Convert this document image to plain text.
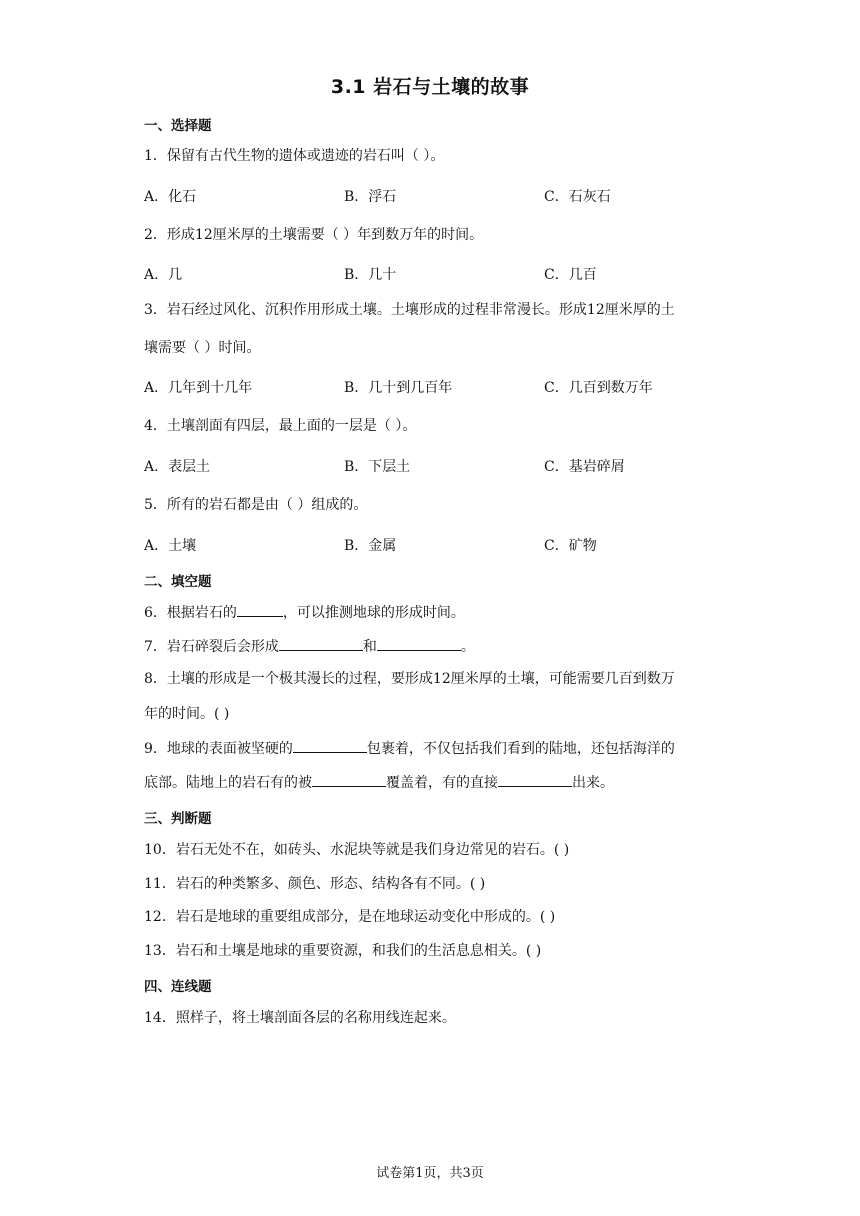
3.1 岩石与土壤的故事
一、选择题
1．保留有古代生物的遗体或遗迹的岩石叫（ ）。
A．化石	B．浮石	C．石灰石
2．形成12厘米厚的土壤需要（ ）年到数万年的时间。
A．几	B．几十	C．几百
3．岩石经过风化、沉积作用形成土壤。土壤形成的过程非常漫长。形成12厘米厚的土
壤需要（ ）时间。
A．几年到十几年	B．几十到几百年	C．几百到数万年
4．土壤剖面有四层，最上面的一层是（ ）。
A．表层土	B．下层土	C．基岩碎屑
5．所有的岩石都是由（ ）组成的。
A．土壤	B．金属	C．矿物
二、填空题
6．根据岩石的	，可以推测地球的形成时间。
7．岩石碎裂后会形成	和	。
8．土壤的形成是一个极其漫长的过程，要形成12厘米厚的土壤，可能需要几百到数万
年的时间。( )
9．地球的表面被坚硬的	包裹着，不仅包括我们看到的陆地，还包括海洋的
底部。陆地上的岩石有的被	覆盖着，有的直接	出来。
三、判断题
10．岩石无处不在，如砖头、水泥块等就是我们身边常见的岩石。( )
11．岩石的种类繁多、颜色、形态、结构各有不同。( )
12．岩石是地球的重要组成部分，是在地球运动变化中形成的。( )
13．岩石和土壤是地球的重要资源，和我们的生活息息相关。( )
四、连线题
14．照样子，将土壤剖面各层的名称用线连起来。
试卷第1页，共3页
